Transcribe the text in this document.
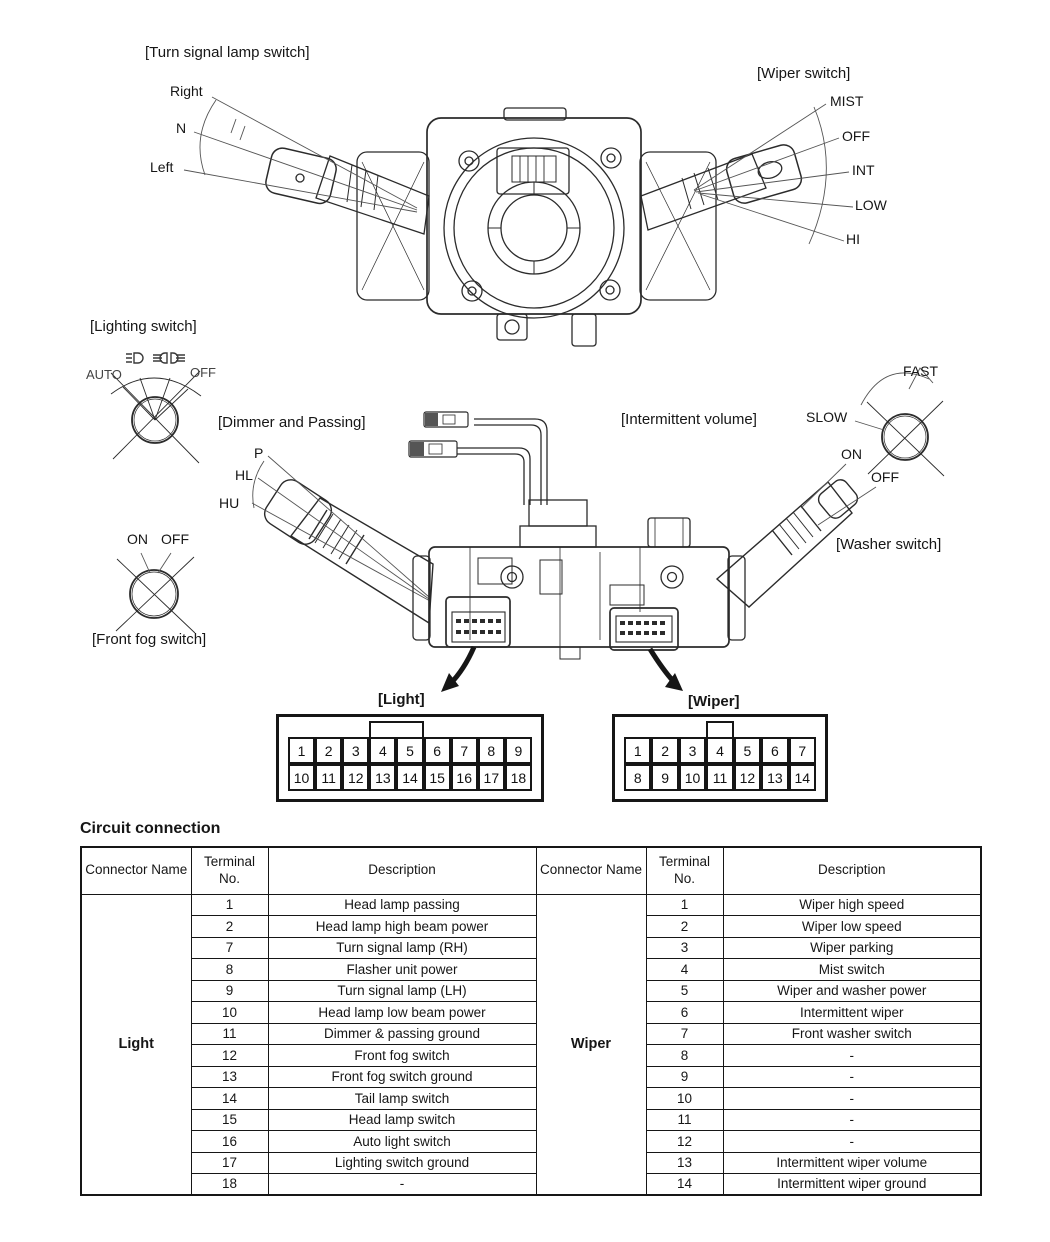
[Turn signal lamp switch]
Right
N
Left
[Wiper switch]
MIST
OFF
INT
LOW
HI
[Lighting switch]
AUTO	OFF
[Dimmer and Passing]
P
HL
HU
ON OFF
[Front fog switch]
[Intermittent volume]
FAST
SLOW
ON
OFF
[Washer switch]
[Light]
1	2	3	4	5	6	7	8	9
10 11 12 13 14 15 16 17 18
[Wiper]
1	2	3	4	5	6	7
8	9	10 11 12 13 14
Circuit connection
Connector Name	Terminal No.	Description	Connector Name	Terminal No.	Description
Light	1	Head lamp passing	Wiper	1	Wiper high speed
	2	Head lamp high beam power		2	Wiper low speed
	7	Turn signal lamp (RH)		3	Wiper parking
	8	Flasher unit power		4	Mist switch
	9	Turn signal lamp (LH)		5	Wiper and washer power
	10	Head lamp low beam power		6	Intermittent wiper
	11	Dimmer & passing ground		7	Front washer switch
	12	Front fog switch		8	-
	13	Front fog switch ground		9	-
	14	Tail lamp switch		10	-
	15	Head lamp switch		11	-
	16	Auto light switch		12	-
	17	Lighting switch ground		13	Intermittent wiper volume
	18	-		14	Intermittent wiper ground
